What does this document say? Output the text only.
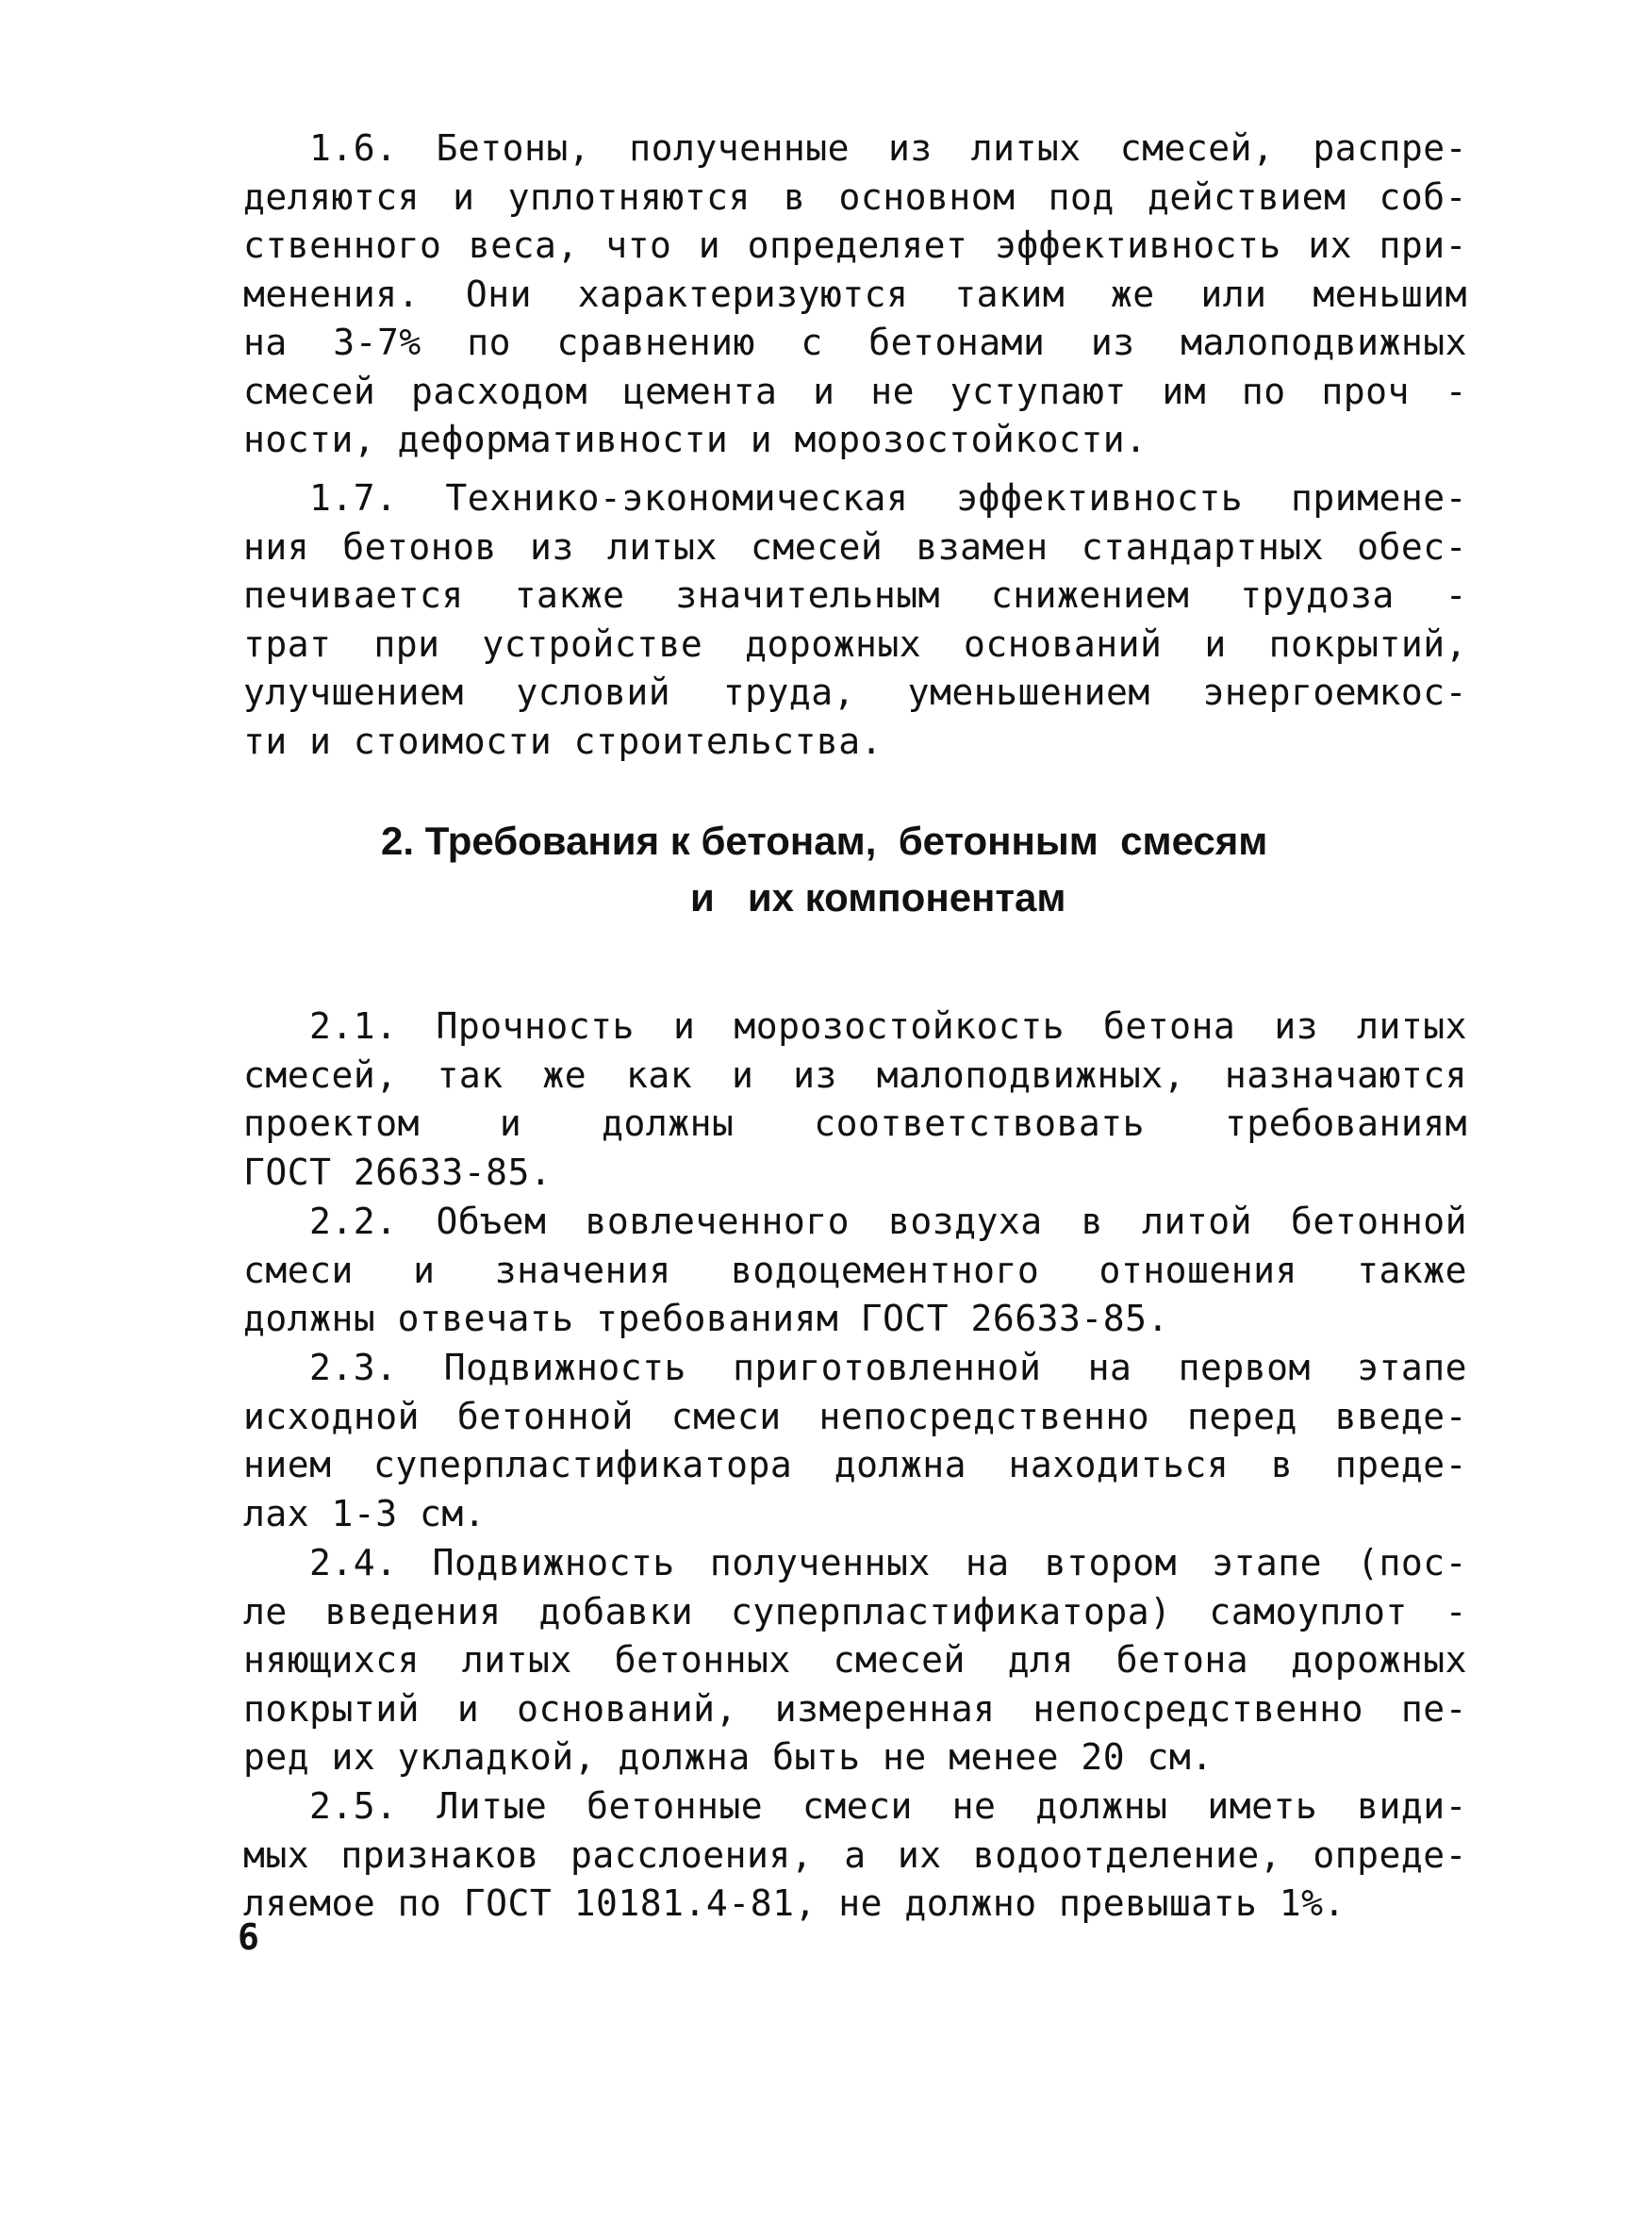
1.6. Бетоны, полученные из литых смесей, распре-
деляются и уплотняются в основном под действием соб-
ственного веса, что и определяет эффективность их при-
менения. Они характеризуются таким же или меньшим
на 3-7% по сравнению с бетонами из малоподвижных
смесей расходом цемента и не уступают им по проч -
ности, деформативности и морозостойкости.
1.7. Технико-экономическая эффективность примене-
ния бетонов из литых смесей взамен стандартных обес-
печивается также значительным снижением трудоза -
трат при устройстве дорожных оснований и покрытий,
улучшением условий труда, уменьшением энергоемкос-
ти и стоимости строительства.
2. Требования к бетонам,  бетонным  смесям
и   их компонентам
2.1. Прочность и морозостойкость бетона из литых
смесей, так же как и из малоподвижных, назначаются
проектом и должны соответствовать требованиям
ГОСТ 26633-85.
2.2. Объем вовлеченного воздуха в литой бетонной
смеси и значения водоцементного отношения также
должны отвечать требованиям ГОСТ 26633-85.
2.3. Подвижность приготовленной на первом этапе
исходной бетонной смеси непосредственно перед введе-
нием суперпластификатора должна находиться в преде-
лах 1-3 см.
2.4. Подвижность полученных на втором этапе (пос-
ле введения добавки суперпластификатора) самоуплот -
няющихся литых бетонных смесей для бетона дорожных
покрытий и оснований, измеренная непосредственно пе-
ред их укладкой, должна быть не менее 20 см.
2.5. Литые бетонные смеси не должны иметь види-
мых признаков расслоения, а их водоотделение, опреде-
ляемое по ГОСТ 10181.4-81, не должно превышать 1%.
6
